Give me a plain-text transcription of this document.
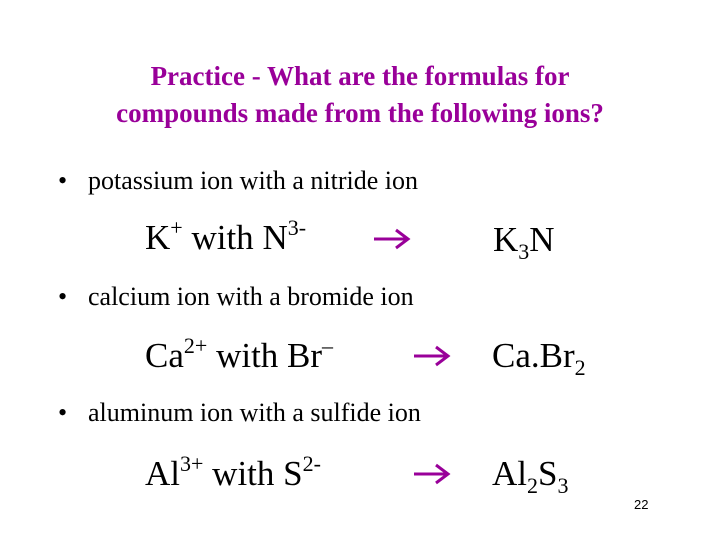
Practice - What are the formulas for
compounds made from the following ions?
• potassium ion with a nitride ion
K+ with $N^{3-}$	$K_3N$
• calcium ion with a bromide ion
$Ca^{2+}$ with Br–	$Ca.Br_2$
• aluminum ion with a sulfide ion
$Al^{3+}$ with $S^{2-}$	$Al_2S_3$
22
